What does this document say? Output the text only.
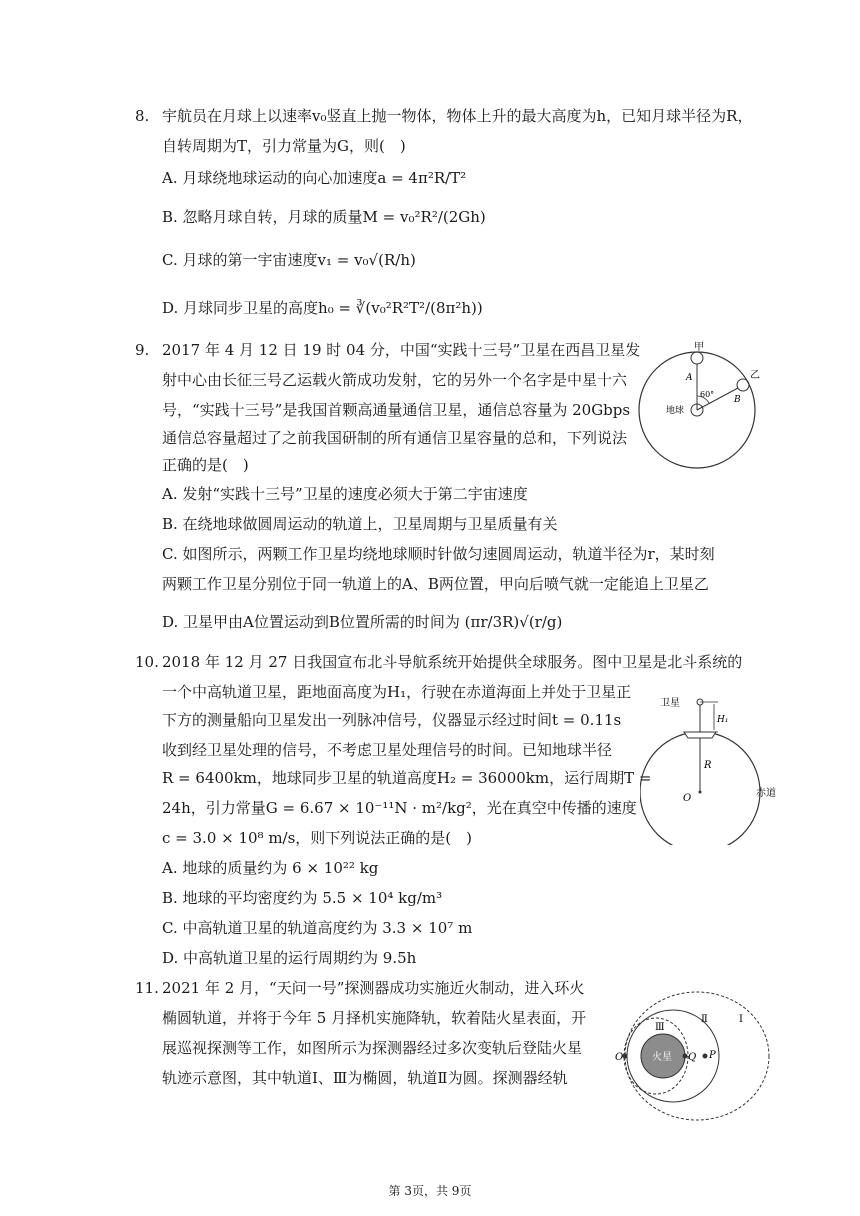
8. 宇航员在月球上以速率v₀竖直上抛一物体，物体上升的最大高度为h，已知月球半径为R，
自转周期为T，引力常量为G，则(　)
A. 月球绕地球运动的向心加速度a = 4π²R/T²
B. 忽略月球自转，月球的质量M = v₀²R²/(2Gh)
C. 月球的第一宇宙速度v₁ = v₀√(R/h)
D. 月球同步卫星的高度h₀ = ∛(v₀²R²T²/(8π²h))
9. 2017 年 4 月 12 日 19 时 04 分，中国“实践十三号”卫星在西昌卫星发
射中心由长征三号乙运载火箭成功发射，它的另外一个名字是中星十六
号，“实践十三号”是我国首颗高通量通信卫星，通信总容量为 20Gbps
通信总容量超过了之前我国研制的所有通信卫星容量的总和，下列说法
正确的是(　)
A. 发射“实践十三号”卫星的速度必须大于第二宇宙速度
B. 在绕地球做圆周运动的轨道上，卫星周期与卫星质量有关
C. 如图所示，两颗工作卫星均绕地球顺时针做匀速圆周运动，轨道半径为r，某时刻
两颗工作卫星分别位于同一轨道上的A、B两位置，甲向后喷气就一定能追上卫星乙
D. 卫星甲由A位置运动到B位置所需的时间为 (πr/3R)√(r/g)
甲
乙
A
B
60°
地球
10. 2018 年 12 月 27 日我国宣布北斗导航系统开始提供全球服务。图中卫星是北斗系统的
一个中高轨道卫星，距地面高度为H₁，行驶在赤道海面上并处于卫星正
下方的测量船向卫星发出一列脉冲信号，仪器显示经过时间t = 0.11s
收到经卫星处理的信号，不考虑卫星处理信号的时间。已知地球半径
R = 6400km，地球同步卫星的轨道高度H₂ = 36000km，运行周期T =
24h，引力常量G = 6.67 × 10⁻¹¹N · m²/kg²，光在真空中传播的速度
c = 3.0 × 10⁸ m/s，则下列说法正确的是(　)
A. 地球的质量约为 6 × 10²² kg
B. 地球的平均密度约为 5.5 × 10⁴ kg/m³
C. 中高轨道卫星的轨道高度约为 3.3 × 10⁷ m
D. 中高轨道卫星的运行周期约为 9.5h
卫星
H₁
R
O	赤道
11. 2021 年 2 月，“天问一号”探测器成功实施近火制动，进入环火
椭圆轨道，并将于今年 5 月择机实施降轨，软着陆火星表面，开
展巡视探测等工作，如图所示为探测器经过多次变轨后登陆火星
轨迹示意图，其中轨道Ⅰ、Ⅲ为椭圆，轨道Ⅱ为圆。探测器经轨
火星
O	Q P
Ⅲ
Ⅱ	Ⅰ
第 3页，共 9页
